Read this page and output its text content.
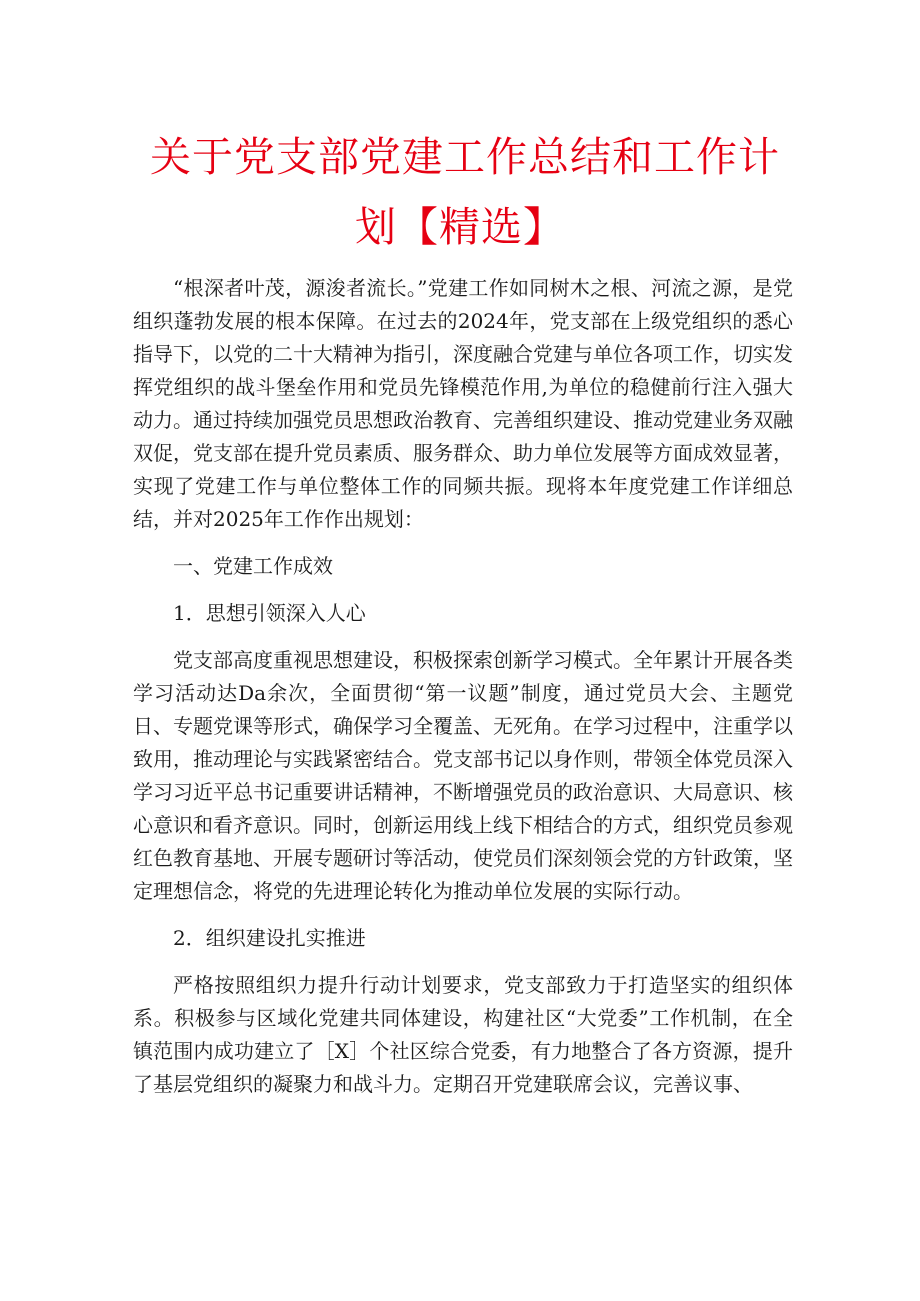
关于党支部党建工作总结和工作计
划【精选】

“根深者叶茂，源浚者流长。”党建工作如同树木之根、河流之源，是党组织蓬勃发展的根本保障。在过去的2024年，党支部在上级党组织的悉心指导下，以党的二十大精神为指引，深度融合党建与单位各项工作，切实发挥党组织的战斗堡垒作用和党员先锋模范作用,为单位的稳健前行注入强大动力。通过持续加强党员思想政治教育、完善组织建设、推动党建业务双融双促，党支部在提升党员素质、服务群众、助力单位发展等方面成效显著，实现了党建工作与单位整体工作的同频共振。现将本年度党建工作详细总结，并对2025年工作作出规划：

一、党建工作成效

1．思想引领深入人心

党支部高度重视思想建设，积极探索创新学习模式。全年累计开展各类学习活动达Da余次，全面贯彻“第一议题”制度，通过党员大会、主题党日、专题党课等形式，确保学习全覆盖、无死角。在学习过程中，注重学以致用，推动理论与实践紧密结合。党支部书记以身作则，带领全体党员深入学习习近平总书记重要讲话精神，不断增强党员的政治意识、大局意识、核心意识和看齐意识。同时，创新运用线上线下相结合的方式，组织党员参观红色教育基地、开展专题研讨等活动，使党员们深刻领会党的方针政策，坚定理想信念，将党的先进理论转化为推动单位发展的实际行动。

2．组织建设扎实推进

严格按照组织力提升行动计划要求，党支部致力于打造坚实的组织体系。积极参与区域化党建共同体建设，构建社区“大党委”工作机制，在全镇范围内成功建立了［X］个社区综合党委，有力地整合了各方资源，提升了基层党组织的凝聚力和战斗力。定期召开党建联席会议，完善议事、
